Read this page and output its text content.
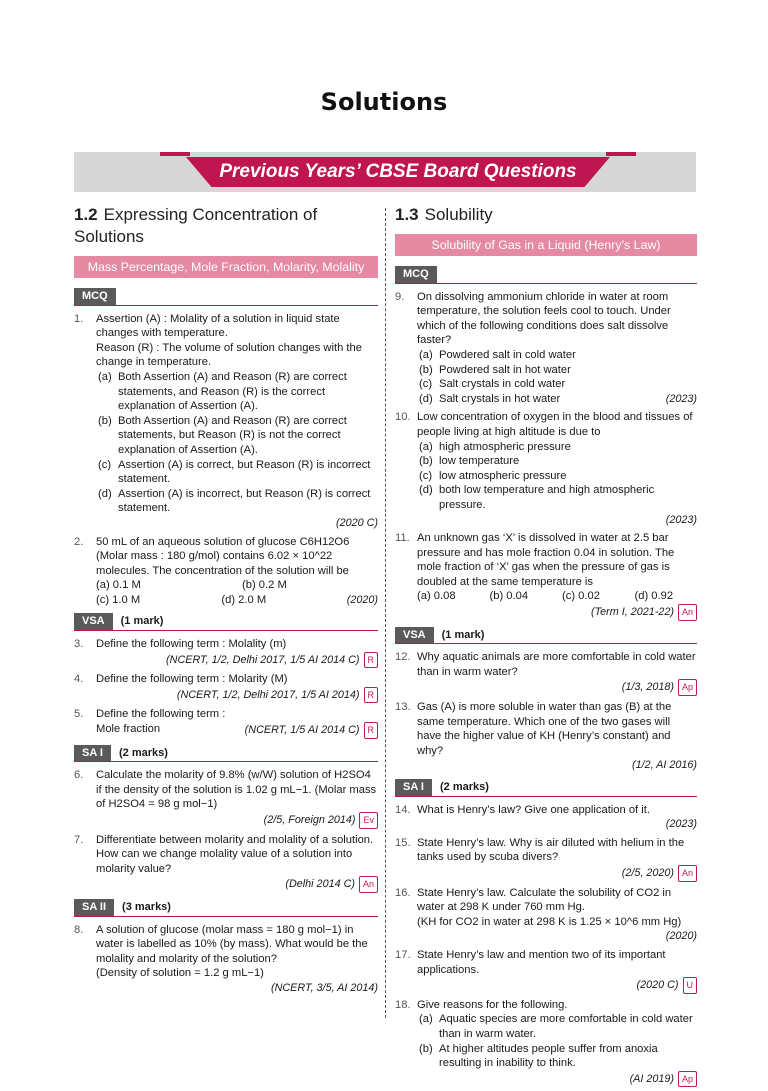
Solutions
Previous Years’ CBSE Board Questions
1.2 Expressing Concentration of Solutions
Mass Percentage, Mole Fraction, Molarity, Molality
MCQ
1.	Assertion (A) : Molality of a solution in liquid state changes with temperature.
Reason (R) : The volume of solution changes with the change in temperature.
(a) Both Assertion (A) and Reason (R) are correct statements, and Reason (R) is the correct explanation of Assertion (A).
(b) Both Assertion (A) and Reason (R) are correct statements, but Reason (R) is not the correct explanation of Assertion (A).
(c) Assertion (A) is correct, but Reason (R) is incorrect statement.
(d) Assertion (A) is incorrect, but Reason (R) is correct statement.
(2020 C)
2.	50 mL of an aqueous solution of glucose C6H12O6 (Molar mass : 180 g/mol) contains 6.02 × 10^22 molecules. The concentration of the solution will be
(a) 0.1 M	(b) 0.2 M
(c) 1.0 M	(d) 2.0 M	(2020)
VSA	(1 mark)
3.	Define the following term : Molality (m)
(NCERT, 1/2, Delhi 2017, 1/5 AI 2014 C) R
4.	Define the following term : Molarity (M)
(NCERT, 1/2, Delhi 2017, 1/5 AI 2014) R
5.	Define the following term :
Mole fraction	(NCERT, 1/5 AI 2014 C) R
SA I	(2 marks)
6.	Calculate the molarity of 9.8% (w/W) solution of H2SO4 if the density of the solution is 1.02 g mL−1. (Molar mass of H2SO4 = 98 g mol−1)
(2/5, Foreign 2014) Ev
7.	Differentiate between molarity and molality of a solution. How can we change molality value of a solution into molarity value?
(Delhi 2014 C) An
SA II	(3 marks)
8.	A solution of glucose (molar mass = 180 g mol−1) in water is labelled as 10% (by mass). What would be the molality and molarity of the solution?
(Density of solution = 1.2 g mL−1)
(NCERT, 3/5, AI 2014)
1.3 Solubility
Solubility of Gas in a Liquid (Henry’s Law)
MCQ
9.	On dissolving ammonium chloride in water at room temperature, the solution feels cool to touch. Under which of the following conditions does salt dissolve faster?
(a) Powdered salt in cold water
(b) Powdered salt in hot water
(c) Salt crystals in cold water
(d) Salt crystals in hot water	(2023)
10. Low concentration of oxygen in the blood and tissues of people living at high altitude is due to
(a) high atmospheric pressure
(b) low temperature
(c) low atmospheric pressure
(d) both low temperature and high atmospheric pressure.
(2023)
11. An unknown gas ‘X’ is dissolved in water at 2.5 bar pressure and has mole fraction 0.04 in solution. The mole fraction of ‘X’ gas when the pressure of gas is doubled at the same temperature is
(a) 0.08	(b) 0.04	(c) 0.02	(d) 0.92
(Term I, 2021-22) An
VSA	(1 mark)
12. Why aquatic animals are more comfortable in cold water than in warm water?
(1/3, 2018) Ap
13. Gas (A) is more soluble in water than gas (B) at the same temperature. Which one of the two gases will have the higher value of KH (Henry’s constant) and why?
(1/2, AI 2016)
SA I	(2 marks)
14. What is Henry’s law? Give one application of it.
(2023)
15. State Henry’s law. Why is air diluted with helium in the tanks used by scuba divers?
(2/5, 2020) An
16. State Henry’s law. Calculate the solubility of CO2 in water at 298 K under 760 mm Hg.
(KH for CO2 in water at 298 K is 1.25 × 10^6 mm Hg)
(2020)
17. State Henry’s law and mention two of its important applications.
(2020 C) U
18. Give reasons for the following.
(a) Aquatic species are more comfortable in cold water than in warm water.
(b) At higher altitudes people suffer from anoxia resulting in inability to think.
(AI 2019) Ap
